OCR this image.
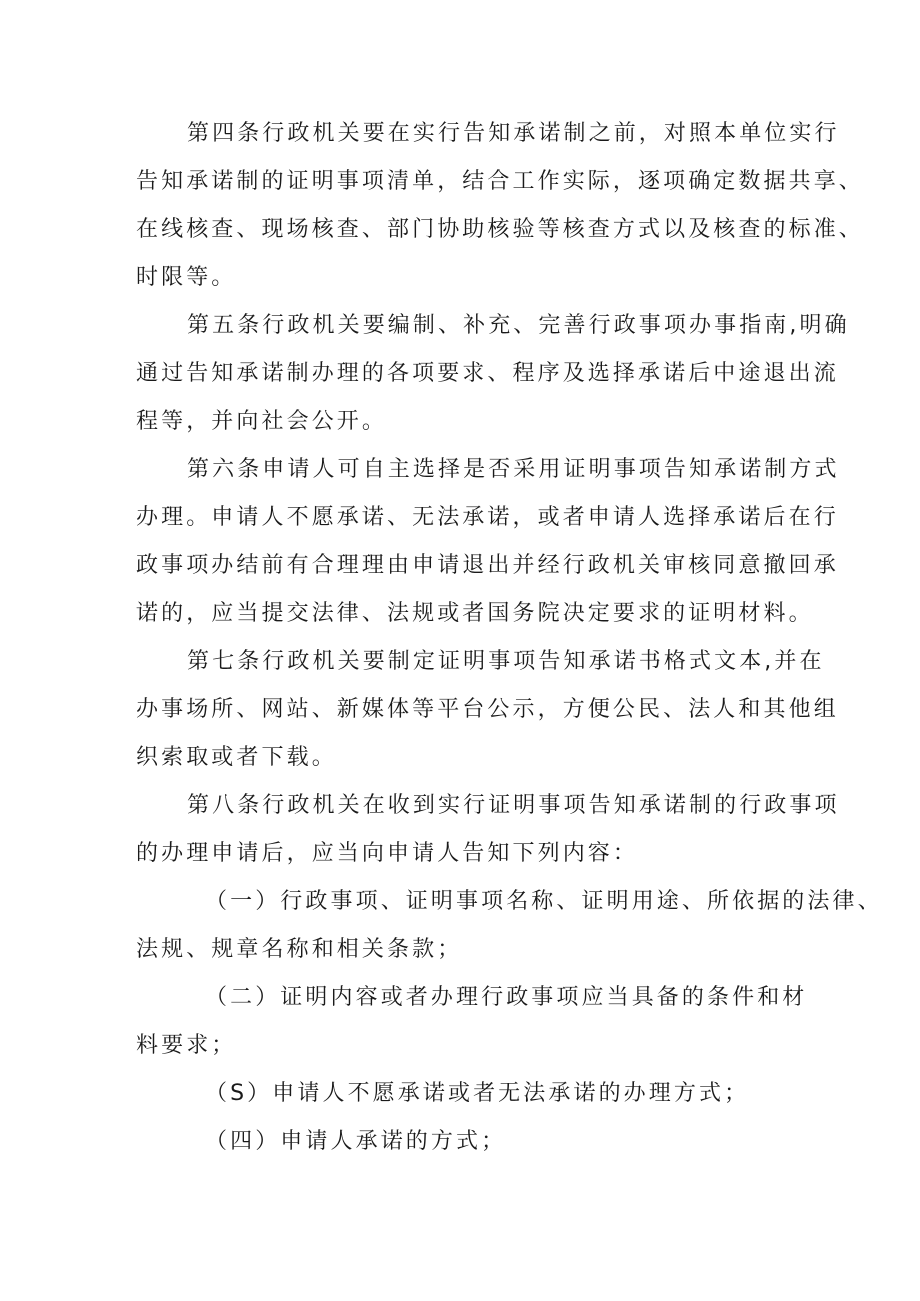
第四条行政机关要在实行告知承诺制之前，对照本单位实行
告知承诺制的证明事项清单，结合工作实际，逐项确定数据共享、
在线核查、现场核查、部门协助核验等核查方式以及核查的标准、
时限等。
第五条行政机关要编制、补充、完善行政事项办事指南,明确
通过告知承诺制办理的各项要求、程序及选择承诺后中途退出流
程等，并向社会公开。
第六条申请人可自主选择是否采用证明事项告知承诺制方式
办理。申请人不愿承诺、无法承诺，或者申请人选择承诺后在行
政事项办结前有合理理由申请退出并经行政机关审核同意撤回承
诺的，应当提交法律、法规或者国务院决定要求的证明材料。
第七条行政机关要制定证明事项告知承诺书格式文本,并在
办事场所、网站、新媒体等平台公示，方便公民、法人和其他组
织索取或者下载。
第八条行政机关在收到实行证明事项告知承诺制的行政事项
的办理申请后，应当向申请人告知下列内容：
（一）行政事项、证明事项名称、证明用途、所依据的法律、
法规、规章名称和相关条款；
（二）证明内容或者办理行政事项应当具备的条件和材
料要求；
（S）申请人不愿承诺或者无法承诺的办理方式；
（四）申请人承诺的方式；
